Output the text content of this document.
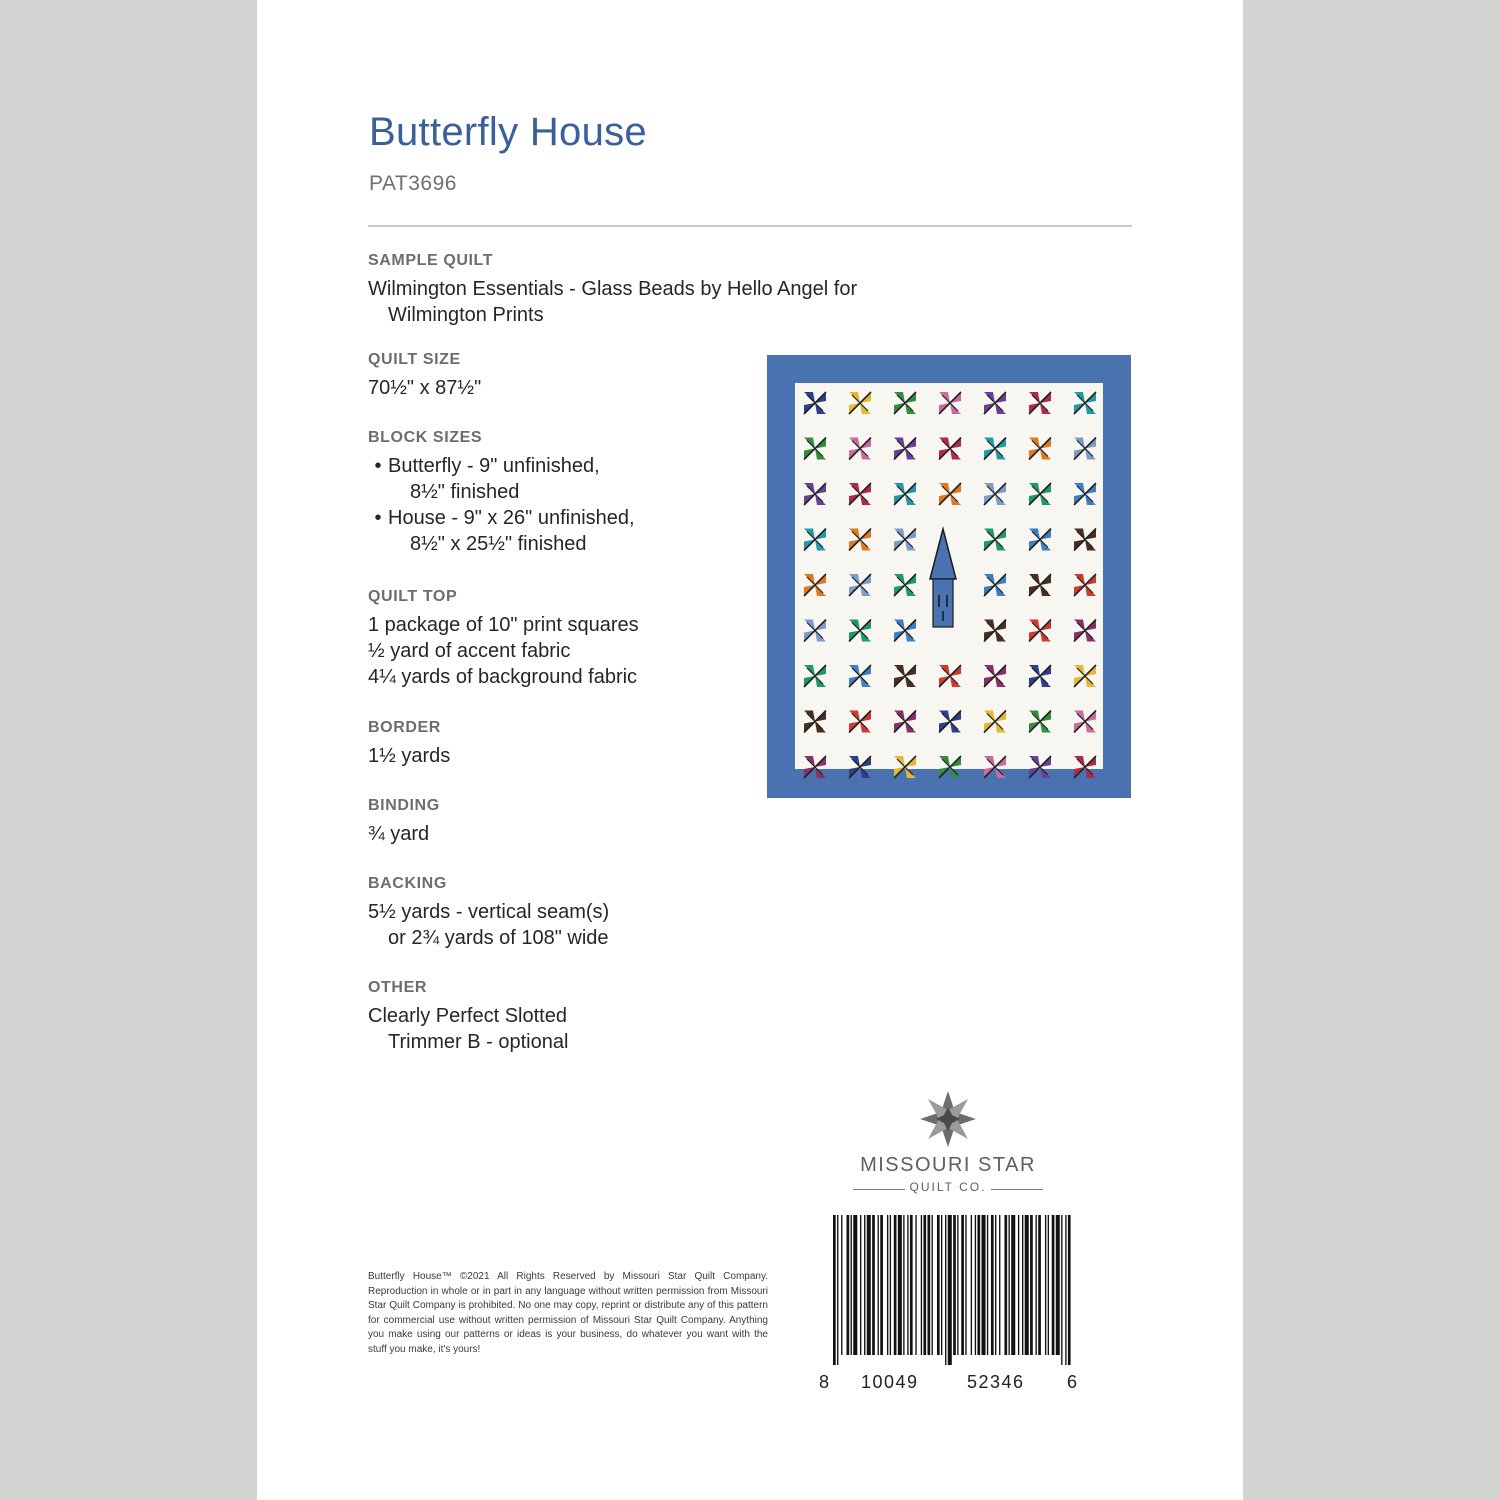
Butterfly House
PAT3696
SAMPLE QUILT
Wilmington Essentials - Glass Beads by Hello Angel for
Wilmington Prints
QUILT SIZE
70½" x 87½"
BLOCK SIZES
• Butterfly - 9" unfinished,
8½" finished
• House - 9" x 26" unfinished,
8½" x 25½" finished
QUILT TOP
1 package of 10" print squares
½ yard of accent fabric
4¼ yards of background fabric
BORDER
1½ yards
BINDING
¾ yard
BACKING
5½ yards - vertical seam(s)
or 2¾ yards of 108" wide
OTHER
Clearly Perfect Slotted
Trimmer B - optional
MISSOURI STAR
QUILT CO.
Butterfly House™ ©2021 All Rights Reserved by Missouri Star Quilt Company. Reproduction in whole or in part in any language without written permission from Missouri Star Quilt Company is prohibited. No one may copy, reprint or distribute any of this pattern for commercial use without written permission of Missouri Star Quilt Company. Anything you make using our patterns or ideas is your business, do whatever you want with the stuff you make, it's yours!
8 10049	52346 6
